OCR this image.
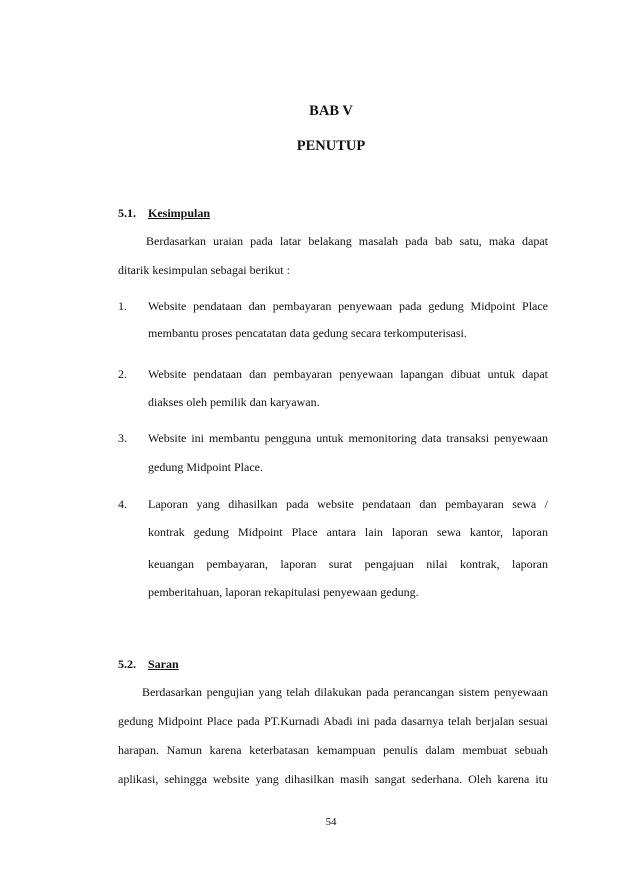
BAB V
PENUTUP
5.1. Kesimpulan

Berdasarkan uraian pada latar belakang masalah pada bab satu, maka dapat

ditarik kesimpulan sebagai berikut :

1. Website pendataan dan pembayaran penyewaan pada gedung Midpoint Place

membantu proses pencatatan data gedung secara terkomputerisasi.

2. Website pendataan dan pembayaran penyewaan lapangan dibuat untuk dapat

diakses oleh pemilik dan karyawan.

3. Website ini membantu pengguna untuk memonitoring data transaksi penyewaan

gedung Midpoint Place.

4. Laporan yang dihasilkan pada website pendataan dan pembayaran sewa /

kontrak gedung Midpoint Place antara lain laporan sewa kantor, laporan

keuangan pembayaran, laporan surat pengajuan nilai kontrak, laporan

pemberitahuan, laporan rekapitulasi penyewaan gedung.

5.2. Saran

Berdasarkan pengujian yang telah dilakukan pada perancangan sistem penyewaan

gedung Midpoint Place pada PT.Kurnadi Abadi ini pada dasarnya telah berjalan sesuai

harapan. Namun karena keterbatasan kemampuan penulis dalam membuat sebuah

aplikasi, sehingga website yang dihasilkan masih sangat sederhana. Oleh karena itu

54
